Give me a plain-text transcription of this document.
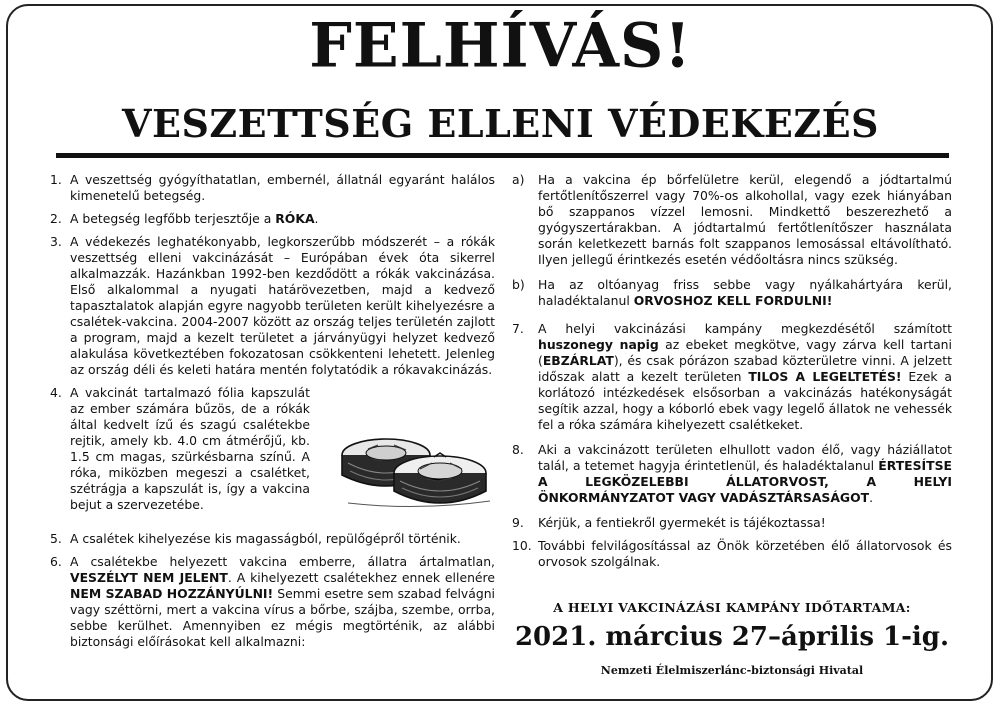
FELHÍVÁS!
VESZETTSÉG ELLENI VÉDEKEZÉS
1. A veszettség gyógyíthatatlan, embernél, állatnál egyaránt halálos kimenetelű betegség.
2. A betegség legfőbb terjesztője a RÓKA.
3. A védekezés leghatékonyabb, legkorszerűbb módszerét – a rókák veszettség elleni vakcinázását – Európában évek óta sikerrel alkalmazzák. Hazánkban 1992-ben kezdődött a rókák vakcinázása. Első alkalommal a nyugati határövezetben, majd a kedvező tapasztalatok alapján egyre nagyobb területen került kihelyezésre a csalétek-vakcina. 2004-2007 között az ország teljes területén zajlott a program, majd a kezelt területet a járványügyi helyzet kedvező alakulása következtében fokozatosan csökkenteni lehetett. Jelenleg az ország déli és keleti határa mentén folytatódik a rókavakcinázás.
4. A vakcinát tartalmazó fólia kapszulát az ember számára bűzös, de a rókák által kedvelt ízű és szagú csalétekbe rejtik, amely kb. 4.0 cm átmérőjű, kb. 1.5 cm magas, szürkésbarna színű. A róka, miközben megeszi a csalétket, szétrágja a kapszulát is, így a vakcina bejut a szervezetébe.
5. A csalétek kihelyezése kis magasságból, repülőgépről történik.
6. A csalétekbe helyezett vakcina emberre, állatra ártalmatlan, VESZÉLYT NEM JELENT. A kihelyezett csalétekhez ennek ellenére NEM SZABAD HOZZÁNYÚLNI! Semmi esetre sem szabad felvágni vagy széttörni, mert a vakcina vírus a bőrbe, szájba, szembe, orrba, sebbe kerülhet. Amennyiben ez mégis megtörténik, az alábbi biztonsági előírásokat kell alkalmazni:
a) Ha a vakcina ép bőrfelületre kerül, elegendő a jódtartalmú fertőtlenítőszerrel vagy 70%-os alkohollal, vagy ezek hiányában bő szappanos vízzel lemosni. Mindkettő beszerezhető a gyógyszertárakban. A jódtartalmú fertőtlenítőszer használata során keletkezett barnás folt szappanos lemosással eltávolítható. Ilyen jellegű érintkezés esetén védőoltásra nincs szükség.
b) Ha az oltóanyag friss sebbe vagy nyálkahártyára kerül, haladéktalanul ORVOSHOZ KELL FORDULNI!
7. A helyi vakcinázási kampány megkezdésétől számított huszonegy napig az ebeket megkötve, vagy zárva kell tartani (EBZÁRLAT), és csak pórázon szabad közterületre vinni. A jelzett időszak alatt a kezelt területen TILOS A LEGELTETÉS! Ezek a korlátozó intézkedések elsősorban a vakcinázás hatékonyságát segítik azzal, hogy a kóborló ebek vagy legelő állatok ne vehessék fel a róka számára kihelyezett csalétkeket.
8. Aki a vakcinázott területen elhullott vadon élő, vagy háziállatot talál, a tetemet hagyja érintetlenül, és haladéktalanul ÉRTESÍTSE A LEGKÖZELEBBI ÁLLATORVOST, A HELYI ÖNKORMÁNYZATOT VAGY VADÁSZTÁRSASÁGOT.
9. Kérjük, a fentiekről gyermekét is tájékoztassa!
10. További felvilágosítással az Önök körzetében élő állatorvosok és orvosok szolgálnak.
A HELYI VAKCINÁZÁSI KAMPÁNY IDŐTARTAMA:
2021. március 27–április 1-ig.
Nemzeti Élelmiszerlánc-biztonsági Hivatal
